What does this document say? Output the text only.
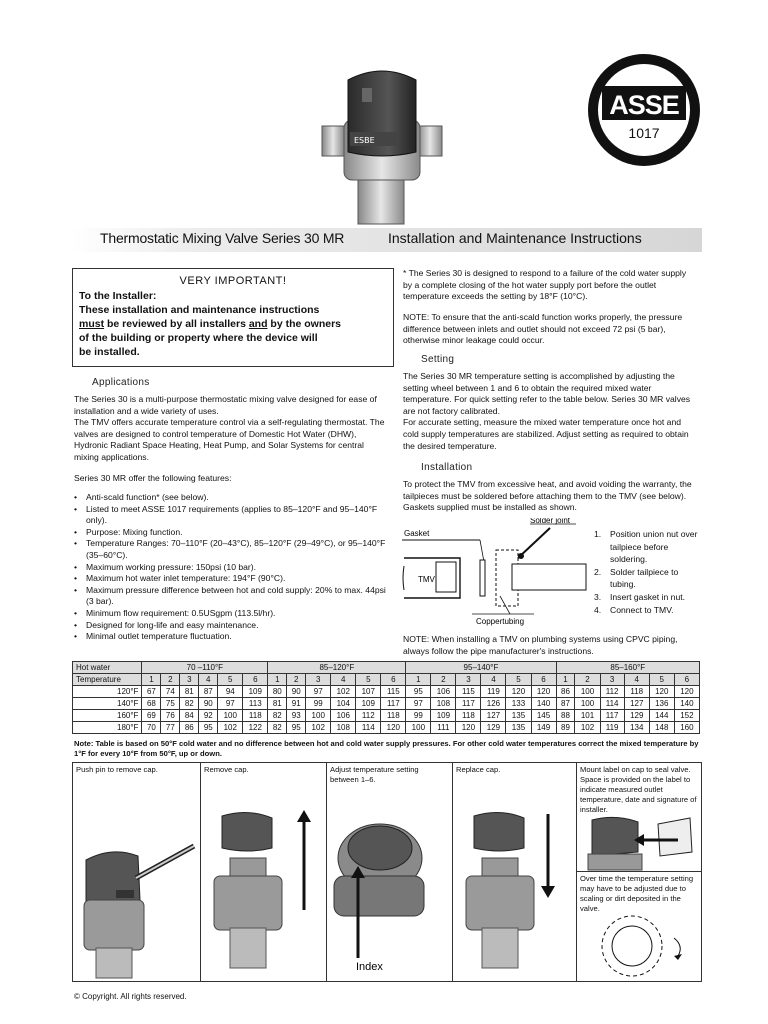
ESBE
ASSE
1017
Thermostatic Mixing Valve Series 30 MR	Installation and Maintenance Instructions
VERY IMPORTANT!
To the Installer:
These installation and maintenance instructions
must be reviewed by all installers and by the owners
of the building or property where the device will
be installed.
Applications
The Series 30 is a multi-purpose thermostatic mixing valve designed for ease of installation and a wide variety of uses.
The TMV offers accurate temperature control via a self-regulating thermostat. The valves are designed to control temperature of Domestic Hot Water (DHW), Hydronic Radiant Space Heating, Heat Pump, and Solar Systems for central mixing applications.
Series 30 MR offer the following features:
• Anti-scald function* (see below).
• Listed to meet ASSE 1017 requirements (applies to 85–120°F and 95–140°F only).
• Purpose: Mixing function.
• Temperature Ranges: 70–110°F (20–43°C), 85–120°F (29–49°C), or 95–140°F (35–60°C).
• Maximum working pressure: 150psi (10 bar).
• Maximum hot water inlet temperature: 194°F (90°C).
• Maximum pressure difference between hot and cold supply: 20% to max. 44psi (3 bar).
• Minimum flow requirement: 0.5USgpm (113.5l/hr).
• Designed for long-life and easy maintenance.
• Minimal outlet temperature fluctuation.
* The Series 30 is designed to respond to a failure of the cold water supply by a complete closing of the hot water supply port before the outlet temperature exceeds the setting by 18°F (10°C).
NOTE: To ensure that the anti-scald function works properly, the pressure difference between inlets and outlet should not exceed 72 psi (5 bar), otherwise minor leakage could occur.
Setting
The Series 30 MR temperature setting is accomplished by adjusting the setting wheel between 1 and 6 to obtain the required mixed water temperature. For quick setting refer to the table below. Series 30 MR valves are not factory calibrated.
For accurate setting, measure the mixed water temperature once hot and cold supply temperatures are stabilized. Adjust setting as required to obtain the desired temperature.
Installation
To protect the TMV from excessive heat, and avoid voiding the warranty, the tailpieces must be soldered before attaching them to the TMV (see below). Gaskets supplied must be installed as shown.
Gasket
Solder joint
TMV
Coppertubing
1.	Position union nut over tailpiece before soldering.
2.	Solder tailpiece to tubing.
3.	Insert gasket in nut.
4.	Connect to TMV.
NOTE: When installing a TMV on plumbing systems using CPVC piping, always follow the pipe manufacturer's instructions.
Hot water	70 –110°F						85–120°F						95–140°F						85–160°F					
Temperature	1	2	3	4	5	6	1	2	3	4	5	6	1	2	3	4	5	6	1	2	3	4	5	6
120°F	67	74	81	87	94	109	80	90	97	102	107	115	95	106	115	119	120	120	86	100	112	118	120	120
140°F	68	75	82	90	97	113	81	91	99	104	109	117	97	108	117	126	133	140	87	100	114	127	136	140
160°F	69	76	84	92	100	118	82	93	100	106	112	118	99	109	118	127	135	145	88	101	117	129	144	152
180°F	70	77	86	95	102	122	82	95	102	108	114	120	100	111	120	129	135	149	89	102	119	134	148	160
Note: Table is based on 50°F cold water and no difference between hot and cold water supply pressures. For other cold water temperatures correct the mixed temperature by 1°F for every 10°F from 50°F, up or down.
Push pin to remove cap.	Remove cap.	Adjust temperature setting between 1–6.
Replace cap.	Mount label on cap to seal valve. Space is provided on the label to indicate measured outlet temperature, date and signature of installer.
Over time the temperature setting may have to be adjusted due to scaling or dirt deposited in the valve.
Index
© Copyright. All rights reserved.
